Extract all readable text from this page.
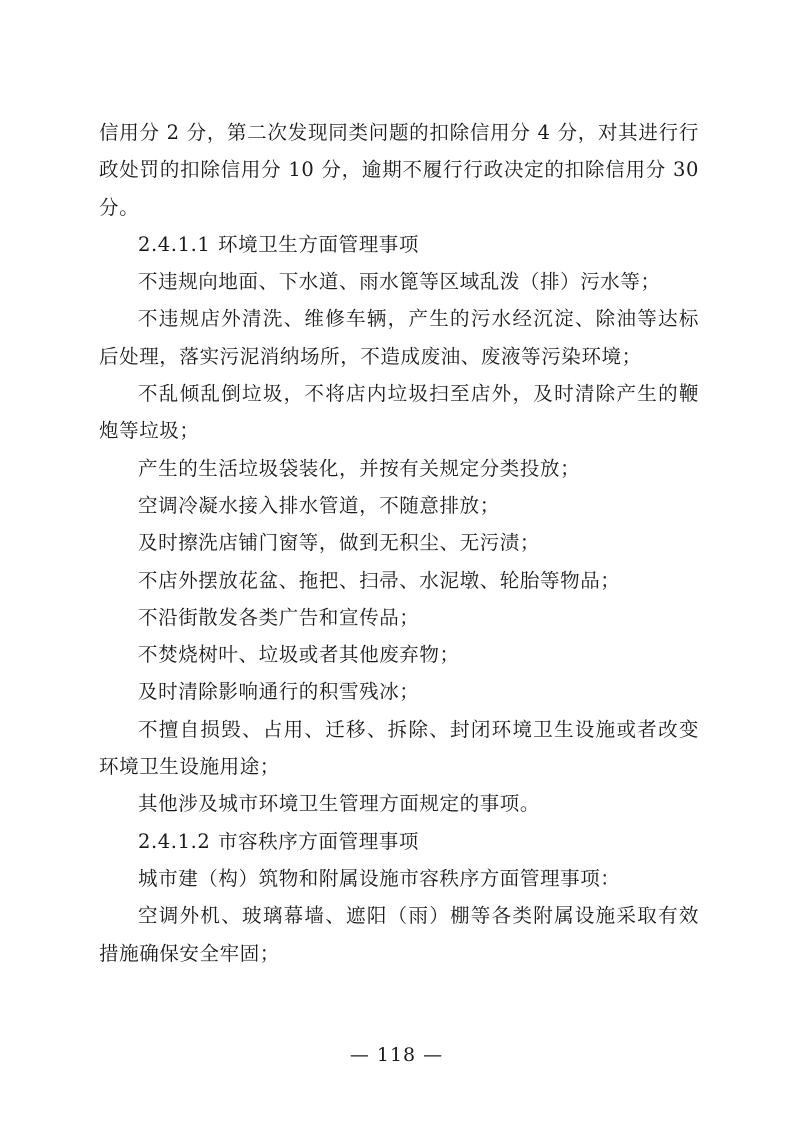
信用分 2 分，第二次发现同类问题的扣除信用分 4 分，对其进行行政处罚的扣除信用分 10 分，逾期不履行行政决定的扣除信用分 30 分。

2.4.1.1 环境卫生方面管理事项

不违规向地面、下水道、雨水篦等区域乱泼（排）污水等；

不违规店外清洗、维修车辆，产生的污水经沉淀、除油等达标后处理，落实污泥消纳场所，不造成废油、废液等污染环境；

不乱倾乱倒垃圾，不将店内垃圾扫至店外，及时清除产生的鞭炮等垃圾；

产生的生活垃圾袋装化，并按有关规定分类投放；

空调冷凝水接入排水管道，不随意排放；

及时擦洗店铺门窗等，做到无积尘、无污渍；

不店外摆放花盆、拖把、扫帚、水泥墩、轮胎等物品；

不沿街散发各类广告和宣传品；

不焚烧树叶、垃圾或者其他废弃物；

及时清除影响通行的积雪残冰；

不擅自损毁、占用、迁移、拆除、封闭环境卫生设施或者改变环境卫生设施用途；

其他涉及城市环境卫生管理方面规定的事项。

2.4.1.2 市容秩序方面管理事项

城市建（构）筑物和附属设施市容秩序方面管理事项：

空调外机、玻璃幕墙、遮阳（雨）棚等各类附属设施采取有效措施确保安全牢固；

— 118 —
